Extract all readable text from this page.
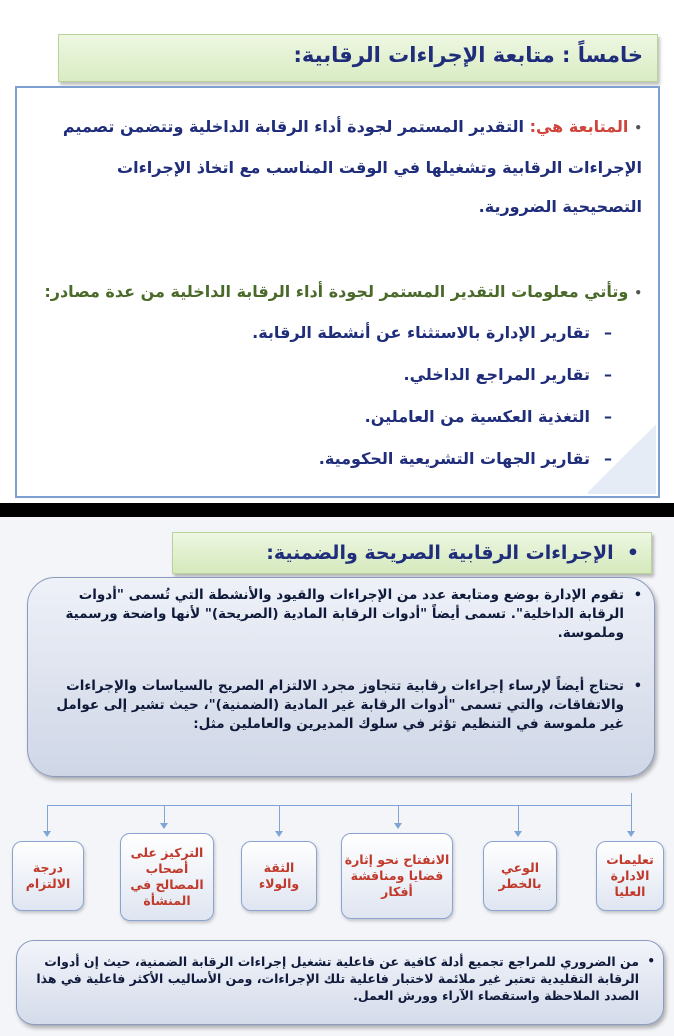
خامساً : متابعة الإجراءات الرقابية:
•المتابعة هي: التقدير المستمر لجودة أداء الرقابة الداخلية وتتضمن تصميم الإجراءات الرقابية وتشغيلها في الوقت المناسب مع اتخاذ الإجراءات التصحيحية الضرورية.
•وتأتي معلومات التقدير المستمر لجودة أداء الرقابة الداخلية من عدة مصادر:
–تقارير الإدارة بالاستثناء عن أنشطة الرقابة.
–تقارير المراجع الداخلي.
–التغذية العكسية من العاملين.
–تقارير الجهات التشريعية الحكومية.
•  الإجراءات الرقابية الصريحة والضمنية:
•
تقوم الإدارة بوضع ومتابعة عدد من الإجراءات والقيود والأنشطة التي تُسمى "أدوات الرقابة الداخلية". تسمى أيضاً "أدوات الرقابة المادية (الصريحة)" لأنها واضحة ورسمية وملموسة.
•
تحتاج أيضاً لإرساء إجراءات رقابية تتجاوز مجرد الالتزام الصريح بالسياسات والإجراءات والاتفاقات، والتي تسمى "أدوات الرقابة غير المادية (الضمنية)"، حيث تشير إلى عوامل غير ملموسة في التنظيم تؤثر في سلوك المديرين والعاملين مثل:
تعليمات الادارة العليا
الوعي بالخطر
الانفتاح نحو إثارة قضايا ومناقشة أفكار
الثقة والولاء
التركيز على أصحاب المصالح في المنشأة
درجة الالتزام
•
من الضروري للمراجع تجميع أدلة كافية عن فاعلية تشغيل إجراءات الرقابة الضمنية، حيث إن أدوات الرقابة التقليدية تعتبر غير ملائمة لاختبار فاعلية تلك الإجراءات، ومن الأساليب الأكثر فاعلية في هذا الصدد الملاحظة واستقصاء الآراء وورش العمل.
